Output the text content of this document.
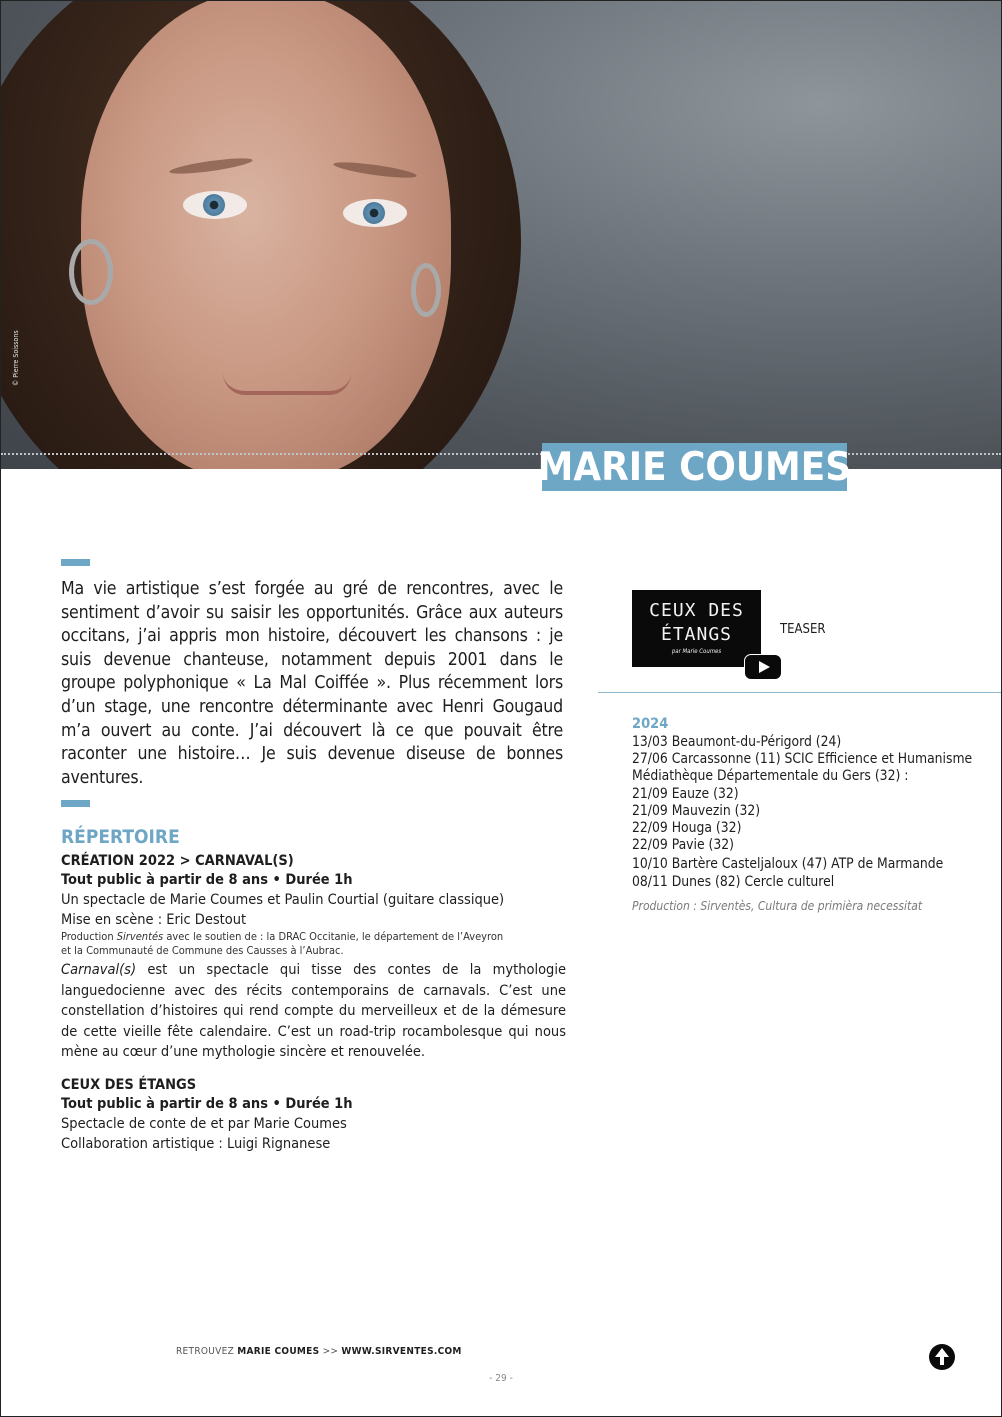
© Pierre Soissons
MARIE COUMES

Ma vie artistique s’est forgée au gré de rencontres, avec le sentiment d’avoir su saisir les opportunités. Grâce aux auteurs occitans, j’ai appris mon histoire, découvert les chansons : je suis devenue chanteuse, notamment depuis 2001 dans le groupe polyphonique « La Mal Coiffée ». Plus récemment lors d’un stage, une rencontre déterminante avec Henri Gougaud m’a ouvert au conte. J’ai découvert là ce que pouvait être raconter une histoire… Je suis devenue diseuse de bonnes aventures.

RÉPERTOIRE
CRÉATION 2022 > CARNAVAL(S)
Tout public à partir de 8 ans • Durée 1h
Un spectacle de Marie Coumes et Paulin Courtial (guitare classique)
Mise en scène : Eric Destout
Production Sirventés avec le soutien de : la DRAC Occitanie, le département de l’Aveyron
et la Communauté de Commune des Causses à l’Aubrac.
Carnaval(s) est un spectacle qui tisse des contes de la mythologie languedocienne avec des récits contemporains de carnavals. C’est une constellation d’histoires qui rend compte du merveilleux et de la démesure de cette vieille fête calendaire. C’est un road-trip rocambolesque qui nous mène au cœur d’une mythologie sincère et renouvelée.
CEUX DES ÉTANGS
Tout public à partir de 8 ans • Durée 1h
Spectacle de conte de et par Marie Coumes
Collaboration artistique : Luigi Rignanese
CEUX DES
ÉTANGS
par Marie Coumes
TEASER
2024
13/03 Beaumont-du-Périgord (24)
27/06 Carcassonne (11) SCIC Efficience et Humanisme
Médiathèque Départementale du Gers (32) :
21/09 Eauze (32)
21/09 Mauvezin (32)
22/09 Houga (32)
22/09 Pavie (32)
10/10 Bartère Casteljaloux (47) ATP de Marmande
08/11 Dunes (82) Cercle culturel
Production : Sirventès, Cultura de primièra necessitat
RETROUVEZ MARIE COUMES >> WWW.SIRVENTES.COM
- 29 -
